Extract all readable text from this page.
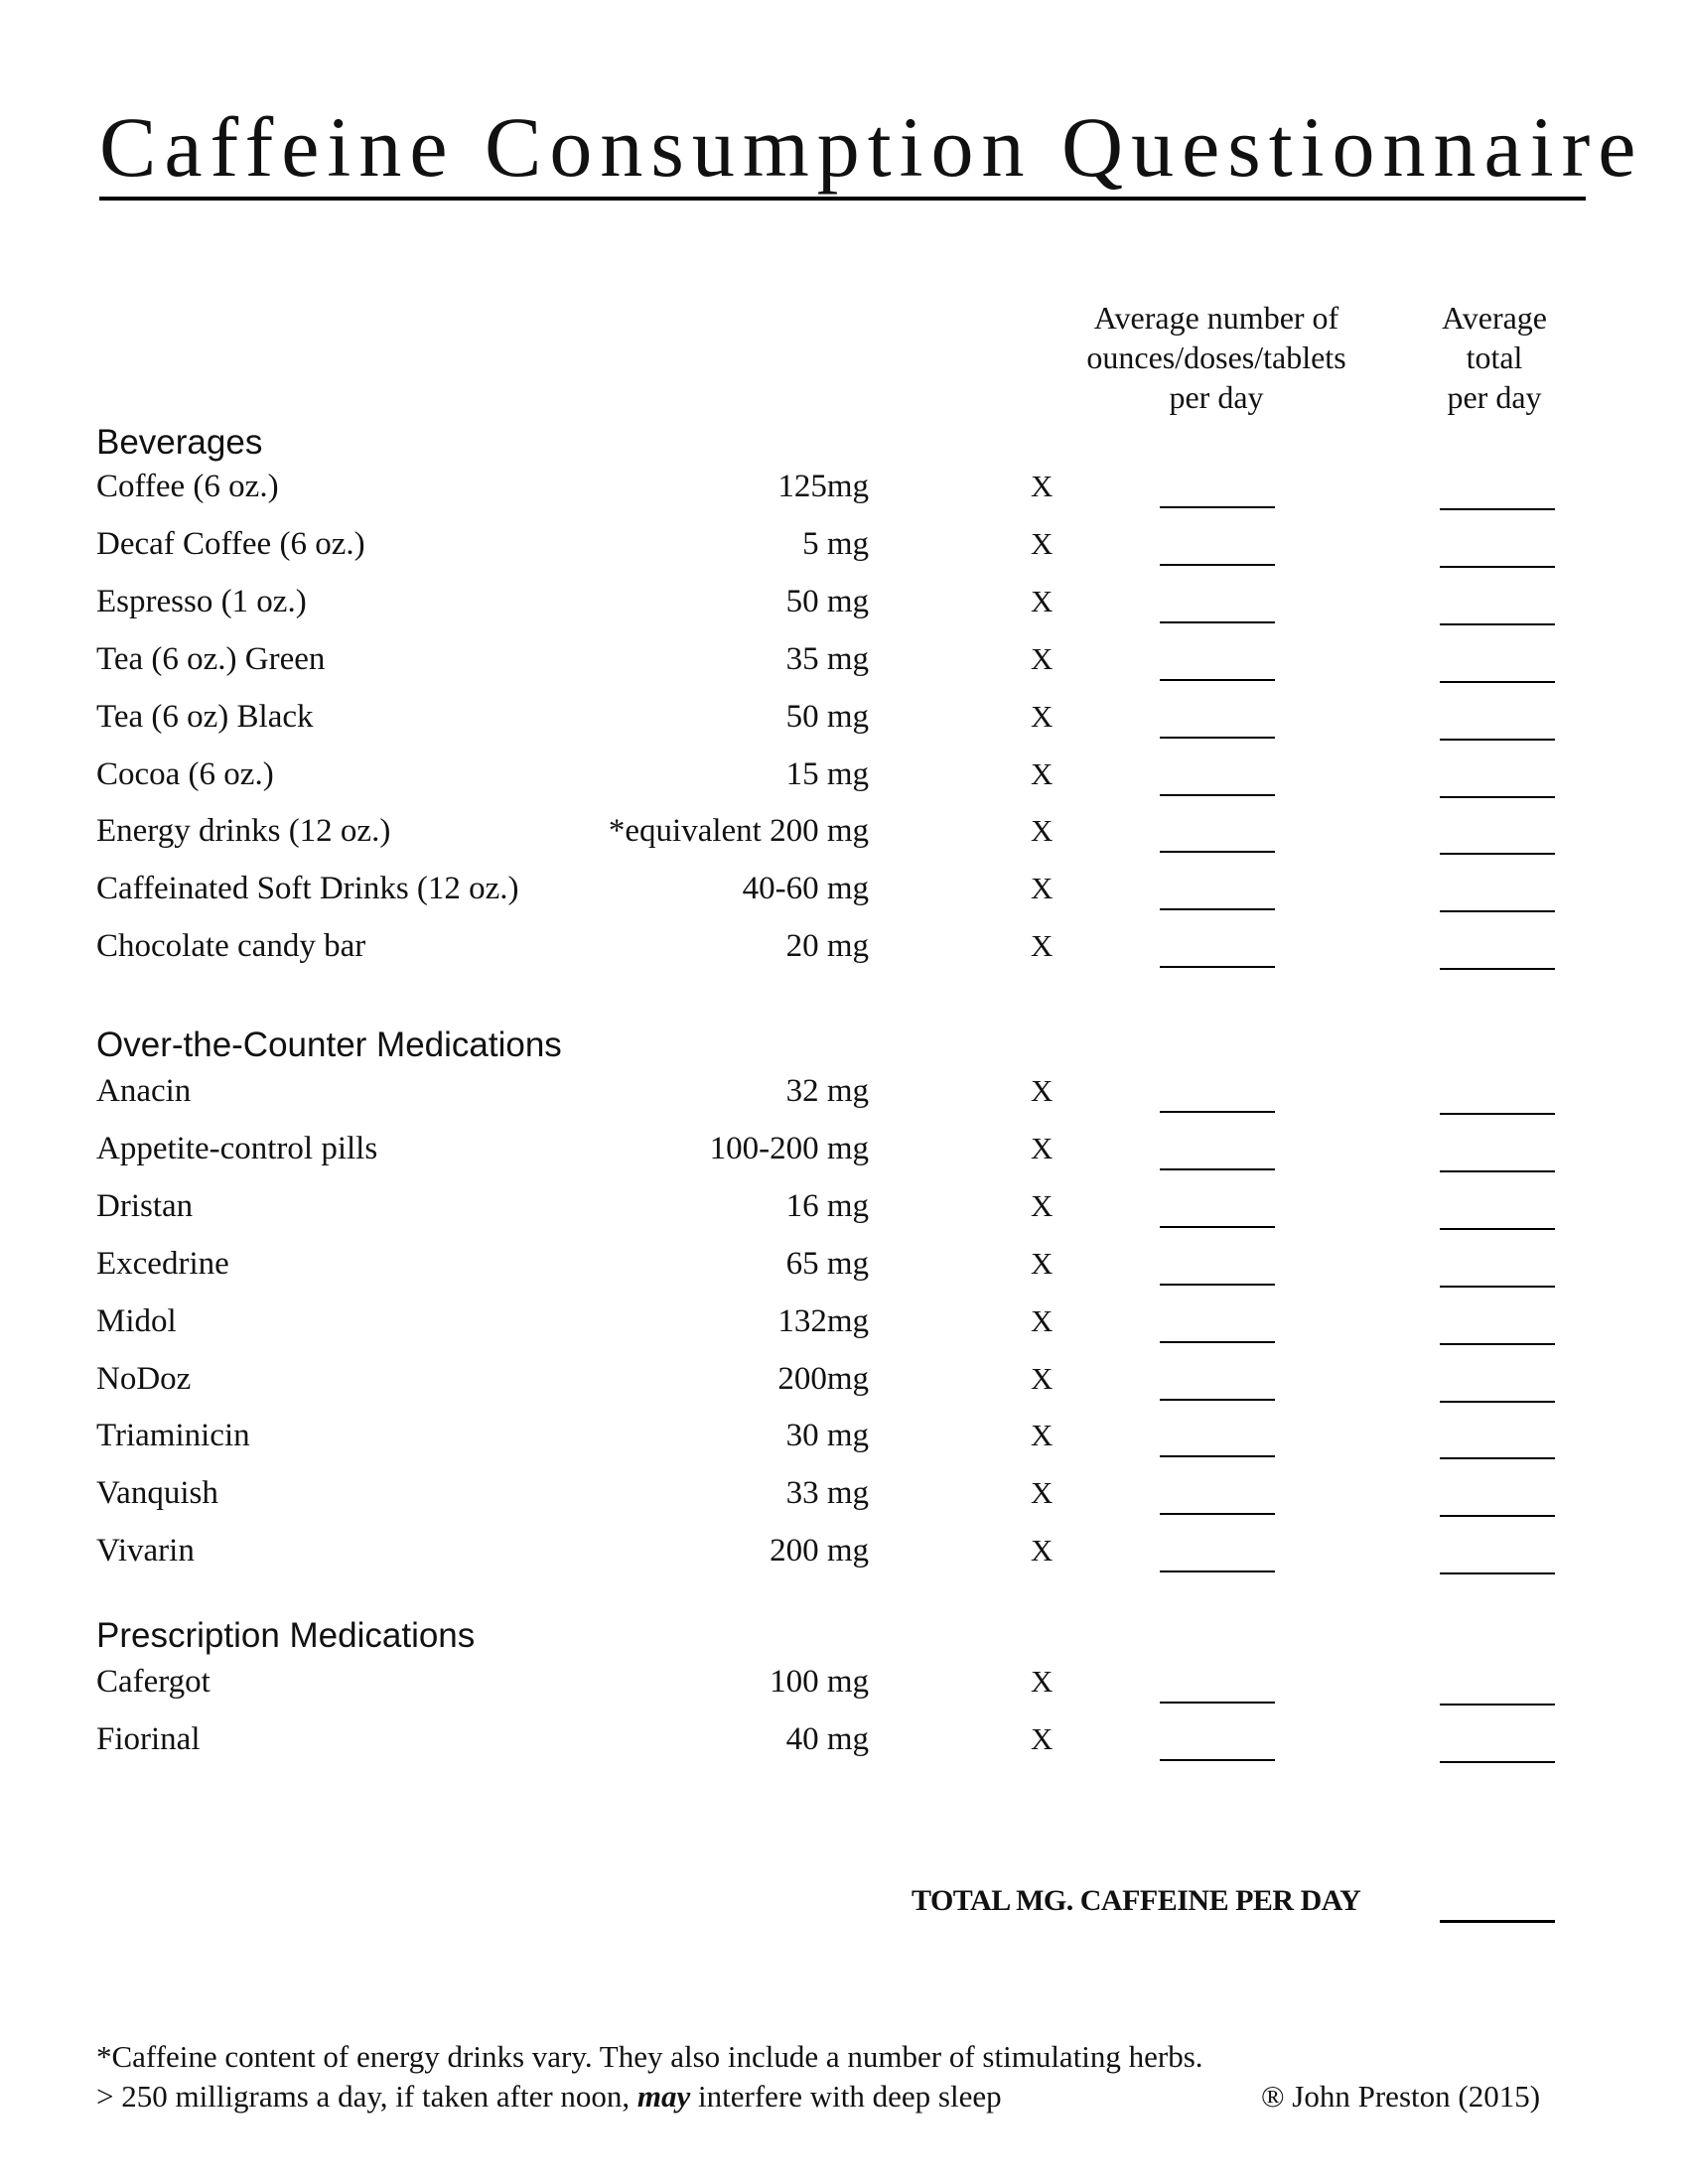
Caffeine Consumption Questionnaire
Average number of
ounces/doses/tablets
per day
Average
total
per day
Beverages
Coffee (6 oz.)	125mg	X
Decaf Coffee (6 oz.)	5 mg	X
Espresso (1 oz.)	50 mg	X
Tea (6 oz.) Green	35 mg	X
Tea (6 oz) Black	50 mg	X
Cocoa (6 oz.)	15 mg	X
Energy drinks (12 oz.)	*equivalent 200 mg	X
Caffeinated Soft Drinks (12 oz.)	40-60 mg	X
Chocolate candy bar	20 mg	X
Over-the-Counter Medications
Anacin	32 mg	X
Appetite-control pills	100-200 mg	X
Dristan	16 mg	X
Excedrine	65 mg	X
Midol	132mg	X
NoDoz	200mg	X
Triaminicin	30 mg	X
Vanquish	33 mg	X
Vivarin	200 mg	X
Prescription Medications
Cafergot	100 mg	X
Fiorinal	40 mg	X
TOTAL MG. CAFFEINE PER DAY
*Caffeine content of energy drinks vary. They also include a number of stimulating herbs.
> 250 milligrams a day, if taken after noon, may interfere with deep sleep	® John Preston (2015)
